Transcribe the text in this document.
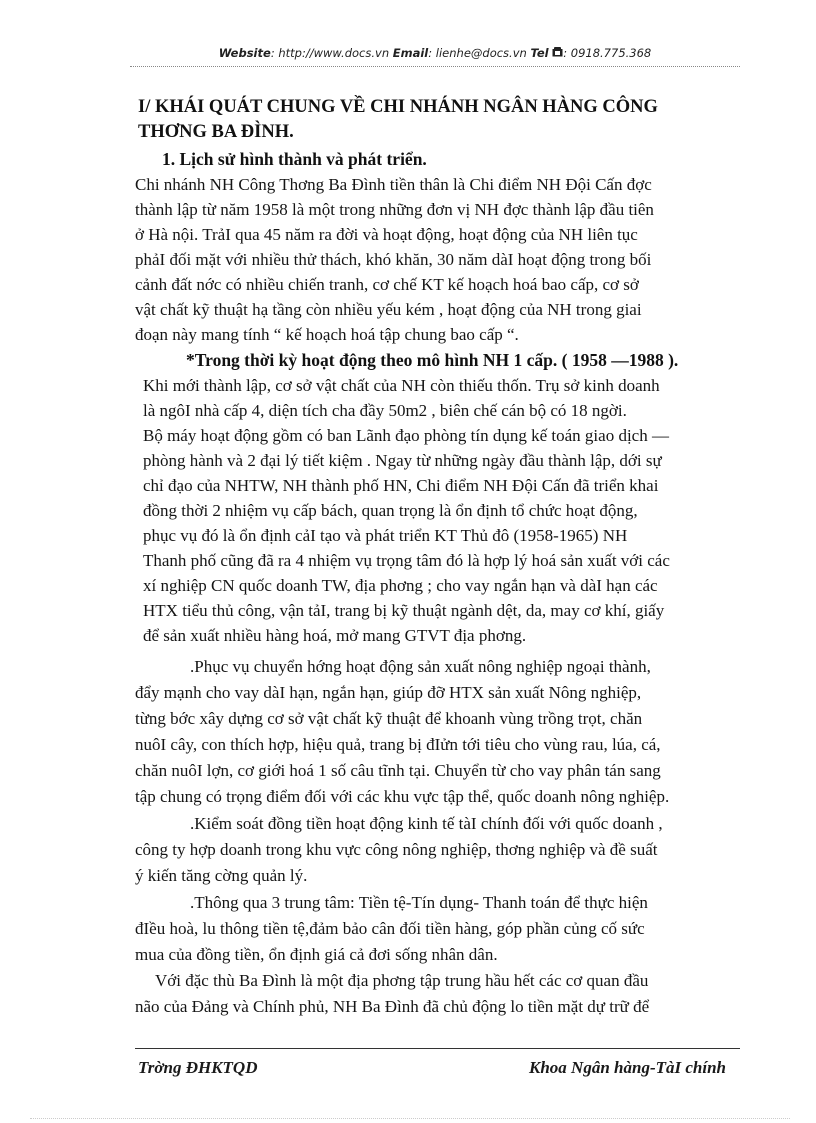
Website: http://www.docs.vn Email: lienhe@docs.vn Tel : 0918.775.368
I/ KHÁI QUÁT CHUNG VỀ CHI NHÁNH NGÂN HÀNG CÔNG
THƠNG BA ĐÌNH.
1. Lịch sử hình thành và phát triển.
Chi nhánh NH Công Thơng Ba Đình tiền thân là Chi điểm NH Đội Cấn đợc
thành lập từ năm 1958 là một trong những đơn vị NH đợc thành lập đầu tiên
ở Hà nội. TrảI qua 45 năm ra đời và hoạt động, hoạt động của NH liên tục
phảI đối mặt với nhiều thử thách, khó khăn, 30 năm dàI hoạt động trong bối
cảnh đất nớc có nhiều chiến tranh, cơ chế KT kế hoạch hoá bao cấp, cơ sở
vật chất kỹ thuật hạ tầng còn nhiều yếu kém , hoạt động của NH trong giai
đoạn này mang tính “ kế hoạch hoá tập chung bao cấp “.
*Trong thời kỳ hoạt động theo mô hình NH 1 cấp. ( 1958 —1988 ).
Khi mới thành lập, cơ sở vật chất của NH còn thiếu thốn. Trụ sở kinh doanh
là ngôI nhà cấp 4, diện tích cha đầy 50m2 , biên chế cán bộ có 18 ngời.
Bộ máy hoạt động gồm có ban Lãnh đạo phòng tín dụng kế toán giao dịch —
phòng hành và 2 đại lý tiết kiệm . Ngay từ những ngày đầu thành lập, dới sự
chỉ đạo của NHTW, NH thành phố HN, Chi điểm NH Đội Cấn đã triển khai
đồng thời 2 nhiệm vụ cấp bách, quan trọng là ổn định tổ chức hoạt động,
phục vụ đó là ổn định cảI tạo và phát triển KT Thủ đô (1958-1965) NH
Thanh phố cũng đã ra 4 nhiệm vụ trọng tâm đó là hợp lý hoá sản xuất với các
xí nghiệp CN quốc doanh TW, địa phơng ; cho vay ngắn hạn và dàI hạn các
HTX tiểu thủ công, vận tảI, trang bị kỹ thuật ngành dệt, da, may cơ khí, giấy
để sản xuất nhiều hàng hoá, mở mang GTVT địa phơng.
.Phục vụ chuyển hớng hoạt động sản xuất nông nghiệp ngoại thành,
đẩy mạnh cho vay dàI hạn, ngắn hạn, giúp đỡ HTX sản xuất Nông nghiệp,
từng bớc xây dựng cơ sở vật chất kỹ thuật để khoanh vùng trồng trọt, chăn
nuôI cây, con thích hợp, hiệu quả, trang bị đIửn tới tiêu cho vùng rau, lúa, cá,
chăn nuôI lợn, cơ giới hoá 1 số câu tĩnh tại. Chuyển từ cho vay phân tán sang
tập chung có trọng điểm đối với các khu vực tập thể, quốc doanh nông nghiệp.
.Kiểm soát đồng tiền hoạt động kinh tế tàI chính đối với quốc doanh ,
công ty hợp doanh trong khu vực công nông nghiệp, thơng nghiệp và đề suất
ý kiến tăng cờng quản lý.
.Thông qua 3 trung tâm: Tiền tệ-Tín dụng- Thanh toán để thực hiện
đIều hoà, lu thông tiền tệ,đảm bảo cân đối tiền hàng, góp phần củng cố sức
mua của đồng tiền, ổn định giá cả đơi sống nhân dân.
Với đặc thù Ba Đình là một địa phơng tập trung hầu hết các cơ quan đầu
não của Đảng và Chính phủ, NH Ba Đình đã chủ động lo tiền mặt dự trữ để
Trờng ĐHKTQD	Khoa Ngân hàng-TàI chính
